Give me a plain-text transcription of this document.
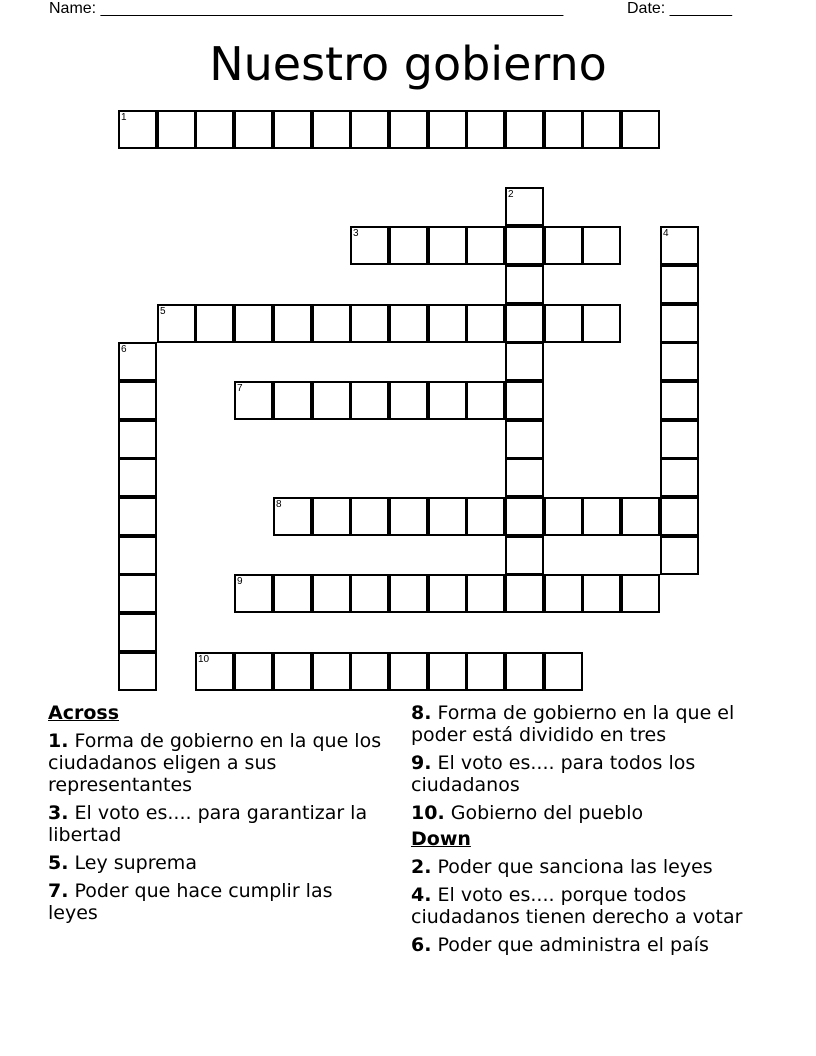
Name: ____________________________________________________	Date: _______
Nuestro gobierno
1
2
3	4
5
6
7
8
9
10
Across
1. Forma de gobierno en la que los ciudadanos eligen a sus representantes
3. El voto es.... para garantizar la libertad
5. Ley suprema
7. Poder que hace cumplir las leyes
8. Forma de gobierno en la que el poder está dividido en tres
9. El voto es.... para todos los ciudadanos
10. Gobierno del pueblo
Down
2. Poder que sanciona las leyes
4. El voto es.... porque todos ciudadanos tienen derecho a votar
6. Poder que administra el país
